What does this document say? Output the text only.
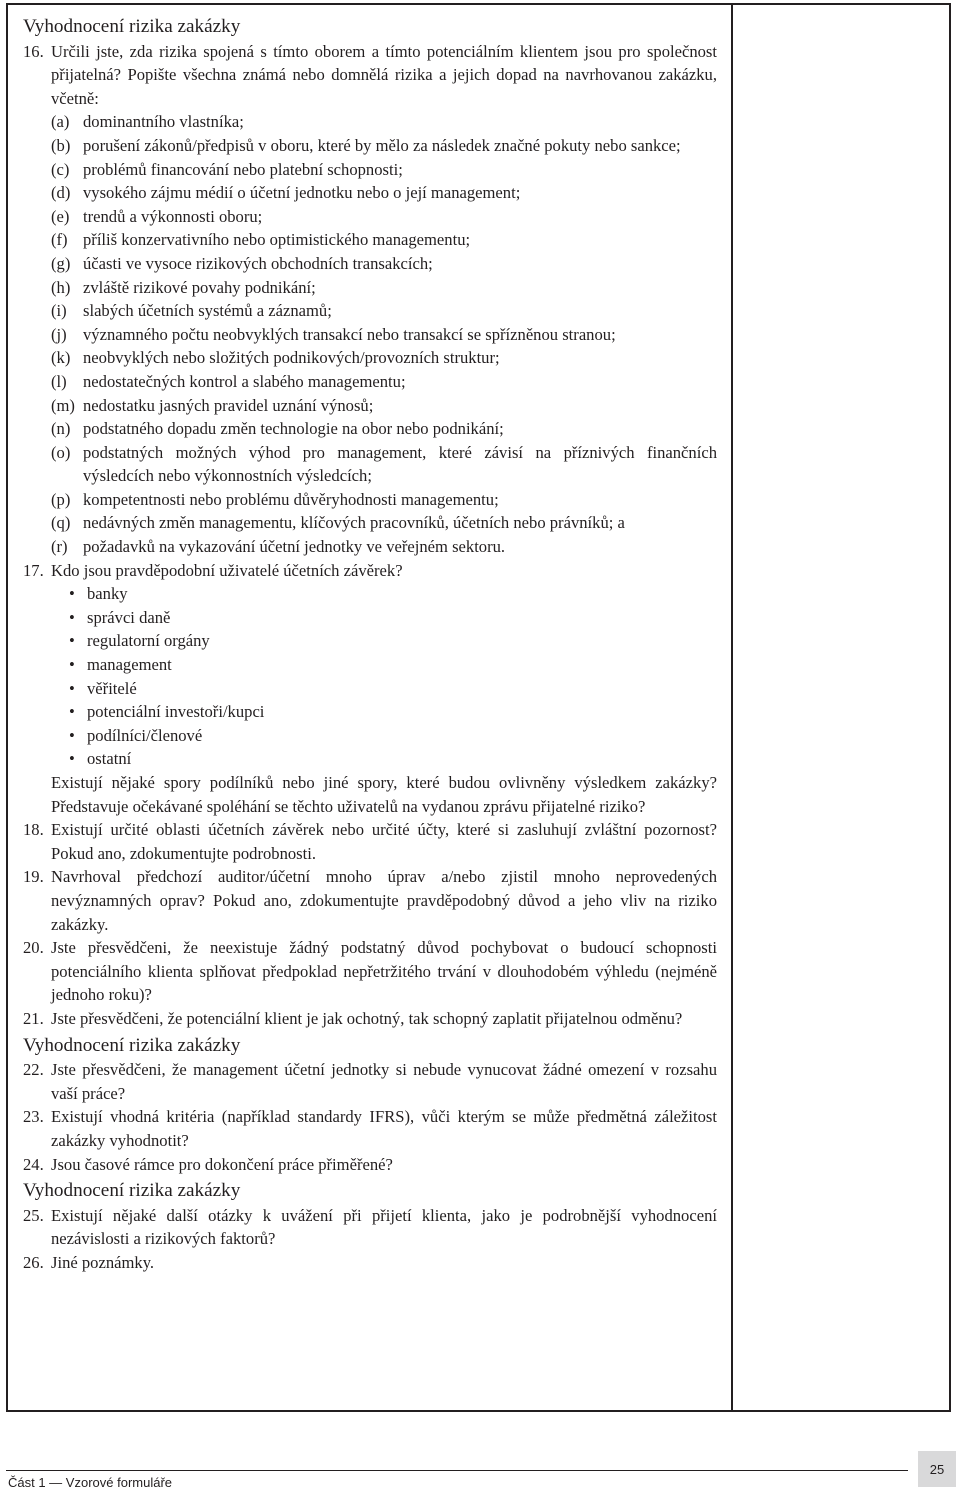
Vyhodnocení rizika zakázky
16. Určili jste, zda rizika spojená s tímto oborem a tímto potenciálním klientem jsou pro společnost přijatelná? Popište všechna známá nebo domnělá rizika a jejich dopad na navrhovanou zakázku, včetně:
(a) dominantního vlastníka;
(b) porušení zákonů/předpisů v oboru, které by mělo za následek značné pokuty nebo sankce;
(c) problémů financování nebo platební schopnosti;
(d) vysokého zájmu médií o účetní jednotku nebo o její management;
(e) trendů a výkonnosti oboru;
(f) příliš konzervativního nebo optimistického managementu;
(g) účasti ve vysoce rizikových obchodních transakcích;
(h) zvláště rizikové povahy podnikání;
(i) slabých účetních systémů a záznamů;
(j) významného počtu neobvyklých transakcí nebo transakcí se spřízněnou stranou;
(k) neobvyklých nebo složitých podnikových/provozních struktur;
(l) nedostatečných kontrol a slabého managementu;
(m) nedostatku jasných pravidel uznání výnosů;
(n) podstatného dopadu změn technologie na obor nebo podnikání;
(o) podstatných možných výhod pro management, které závisí na příznivých finančních výsledcích nebo výkonnostních výsledcích;
(p) kompetentnosti nebo problému důvěryhodnosti managementu;
(q) nedávných změn managementu, klíčových pracovníků, účetních nebo právníků; a
(r) požadavků na vykazování účetní jednotky ve veřejném sektoru.
17. Kdo jsou pravděpodobní uživatelé účetních závěrek?
• banky
• správci daně
• regulatorní orgány
• management
• věřitelé
• potenciální investoři/kupci
• podílníci/členové
• ostatní
Existují nějaké spory podílníků nebo jiné spory, které budou ovlivněny výsledkem zakázky? Představuje očekávané spoléhání se těchto uživatelů na vydanou zprávu přijatelné riziko?
18. Existují určité oblasti účetních závěrek nebo určité účty, které si zasluhují zvláštní pozornost? Pokud ano, zdokumentujte podrobnosti.
19. Navrhoval předchozí auditor/účetní mnoho úprav a/nebo zjistil mnoho neprovedených nevýznamných oprav? Pokud ano, zdokumentujte pravděpodobný důvod a jeho vliv na riziko zakázky.
20. Jste přesvědčeni, že neexistuje žádný podstatný důvod pochybovat o budoucí schopnosti potenciálního klienta splňovat předpoklad nepřetržitého trvání v dlouhodobém výhledu (nejméně jednoho roku)?
21. Jste přesvědčeni, že potenciální klient je jak ochotný, tak schopný zaplatit přijatelnou odměnu?
Vyhodnocení rizika zakázky
22. Jste přesvědčeni, že management účetní jednotky si nebude vynucovat žádné omezení v rozsahu vaší práce?
23. Existují vhodná kritéria (například standardy IFRS), vůči kterým se může předmětná záležitost zakázky vyhodnotit?
24. Jsou časové rámce pro dokončení práce přiměřené?
Vyhodnocení rizika zakázky
25. Existují nějaké další otázky k uvážení při přijetí klienta, jako je podrobnější vyhodnocení nezávislosti a rizikových faktorů?
26. Jiné poznámky.
Část 1 — Vzorové formuláře
25
